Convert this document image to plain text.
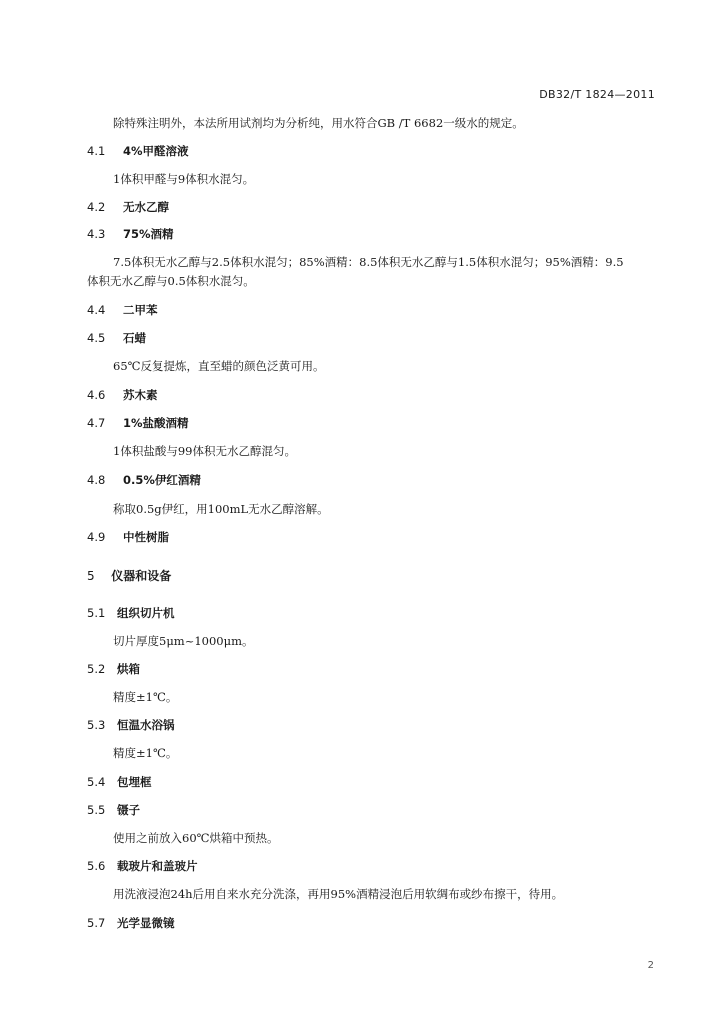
DB32/T 1824—2011
除特殊注明外，本法所用试剂均为分析纯，用水符合GB /T 6682一级水的规定。
4.1 4%甲醛溶液
1体积甲醛与9体积水混匀。
4.2 无水乙醇
4.3 75%酒精
7.5体积无水乙醇与2.5体积水混匀；85%酒精：8.5体积无水乙醇与1.5体积水混匀；95%酒精：9.5
体积无水乙醇与0.5体积水混匀。
4.4 二甲苯
4.5 石蜡
65℃反复提炼，直至蜡的颜色泛黄可用。
4.6 苏木素
4.7 1%盐酸酒精
1体积盐酸与99体积无水乙醇混匀。
4.8 0.5%伊红酒精
称取0.5g伊红，用100mL无水乙醇溶解。
4.9 中性树脂
5 仪器和设备
5.1 组织切片机
切片厚度5μm~1000μm。
5.2 烘箱
精度±1℃。
5.3 恒温水浴锅
精度±1℃。
5.4 包埋框
5.5 镊子
使用之前放入60℃烘箱中预热。
5.6 载玻片和盖玻片
用洗液浸泡24h后用自来水充分洗涤，再用95%酒精浸泡后用软绸布或纱布擦干，待用。
5.7 光学显微镜
2
